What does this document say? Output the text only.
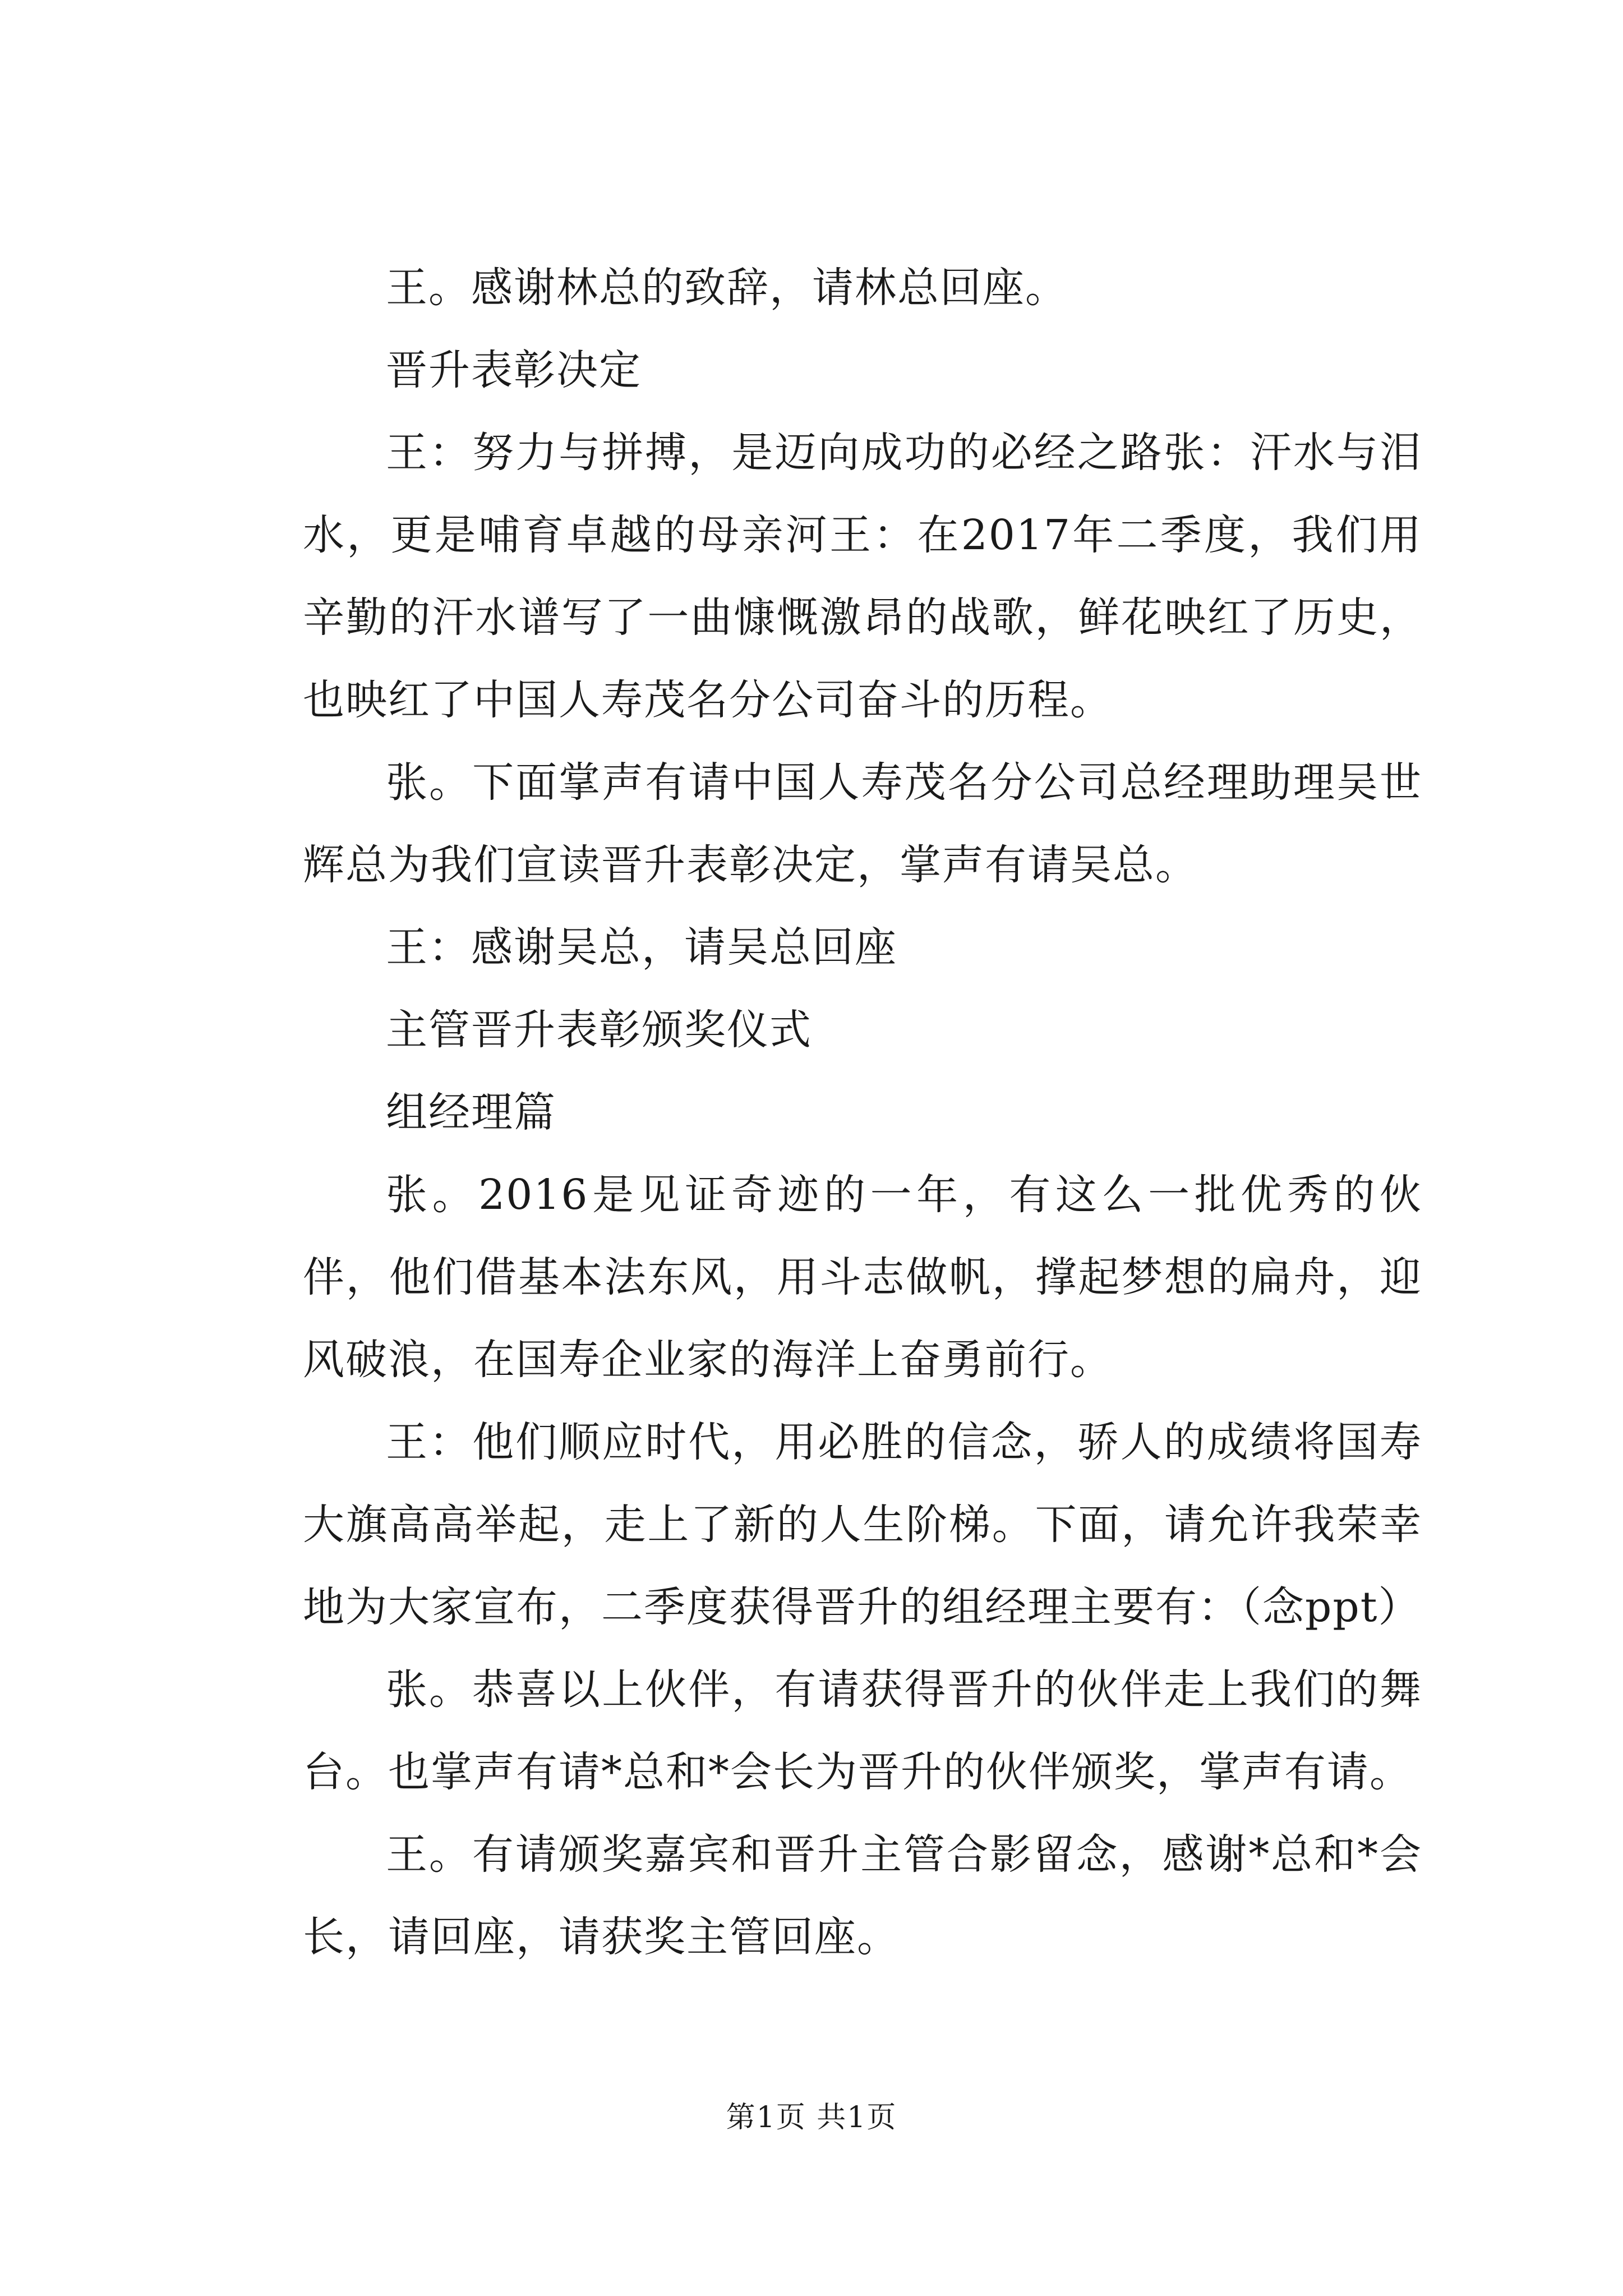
王。感谢林总的致辞，请林总回座。

晋升表彰决定

王：努力与拼搏，是迈向成功的必经之路张：汗水与泪水，更是哺育卓越的母亲河王：在2017年二季度，我们用辛勤的汗水谱写了一曲慷慨激昂的战歌，鲜花映红了历史，也映红了中国人寿茂名分公司奋斗的历程。

张。下面掌声有请中国人寿茂名分公司总经理助理吴世辉总为我们宣读晋升表彰决定，掌声有请吴总。

王：感谢吴总，请吴总回座

主管晋升表彰颁奖仪式

组经理篇

张。2016是见证奇迹的一年，有这么一批优秀的伙伴，他们借基本法东风，用斗志做帆，撑起梦想的扁舟，迎风破浪，在国寿企业家的海洋上奋勇前行。

王：他们顺应时代，用必胜的信念，骄人的成绩将国寿大旗高高举起，走上了新的人生阶梯。下面，请允许我荣幸地为大家宣布，二季度获得晋升的组经理主要有：（念ppt）

张。恭喜以上伙伴，有请获得晋升的伙伴走上我们的舞台。也掌声有请*总和*会长为晋升的伙伴颁奖，掌声有请。

王。有请颁奖嘉宾和晋升主管合影留念，感谢*总和*会长，请回座，请获奖主管回座。

第1页 共1页
